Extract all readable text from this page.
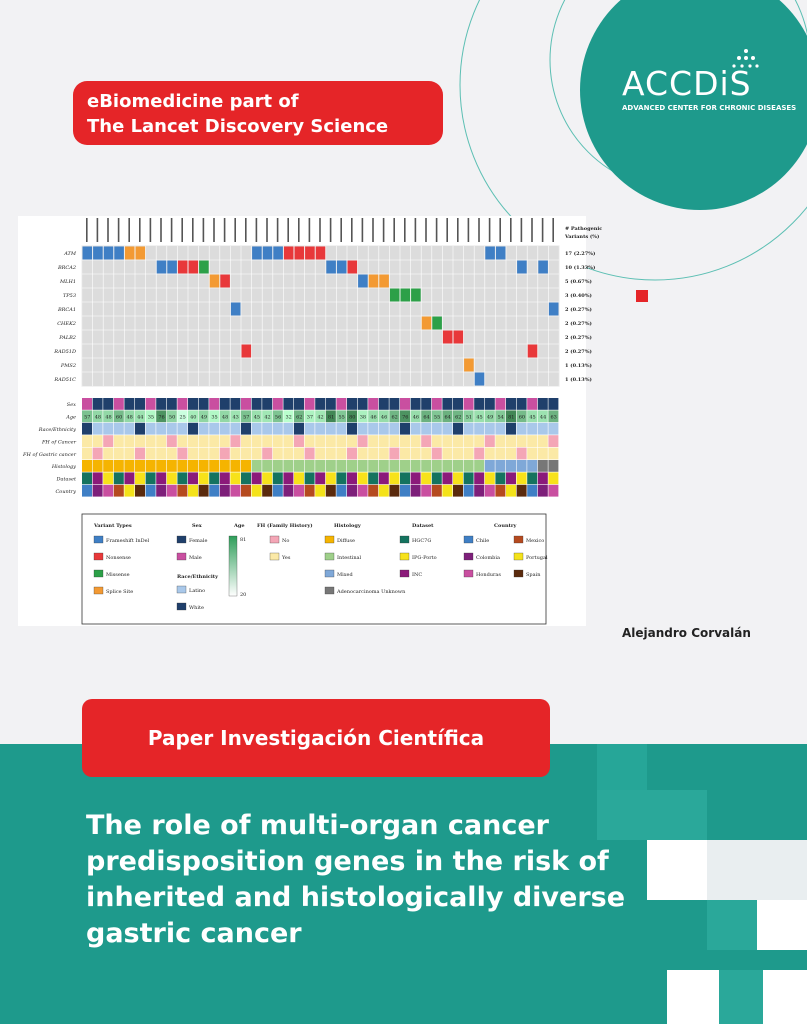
ACCDiS
ADVANCED CENTER FOR CHRONIC DISEASES
eBiomedicine part of
The Lancet Discovery Science
ATM	17 (2.27%)
BRCA2	10 (1.33%)
MLH1	5 (0.67%)
TP53	3 (0.40%)
BRCA1	2 (0.27%)
CHEK2	2 (0.27%)
PALB2	2 (0.27%)
RAD51D	2 (0.27%)
PMS2	1 (0.13%)
RAD51C	1 (0.13%)
# Pathogenic
Variants (%)
Sex
Age
Race/Ethnicity
FH of Cancer
FH of Gastric cancer
Histology
Dataset
Country
57 48 48 60 48 44 35 76 50 25 40 49 35 48 43 57 45 42 56 32 62 37 42 81 55 80 38 46 46 62 76 46 64 55 64 62 51 45 49 54 81 60 45 44 63
Variant Types
Frameshift InDel
Nonsense
Missense
Splice Site
Sex
Female
Male
Race/Ethnicity
Latino
White
Age
81
20
FH (Family History)
No
Yes
Histology
Diffuse
Intestinal
Mixed
Adenocarcinoma Unknown
Dataset
HGC7G
IPG-Porto
INC
Country
Chile
Colombia
Honduras
Mexico
Portugal
Spain
Alejandro Corvalán
Paper Investigación Científica
The role of multi-organ cancer
predisposition genes in the risk of
inherited and histologically diverse
gastric cancer
